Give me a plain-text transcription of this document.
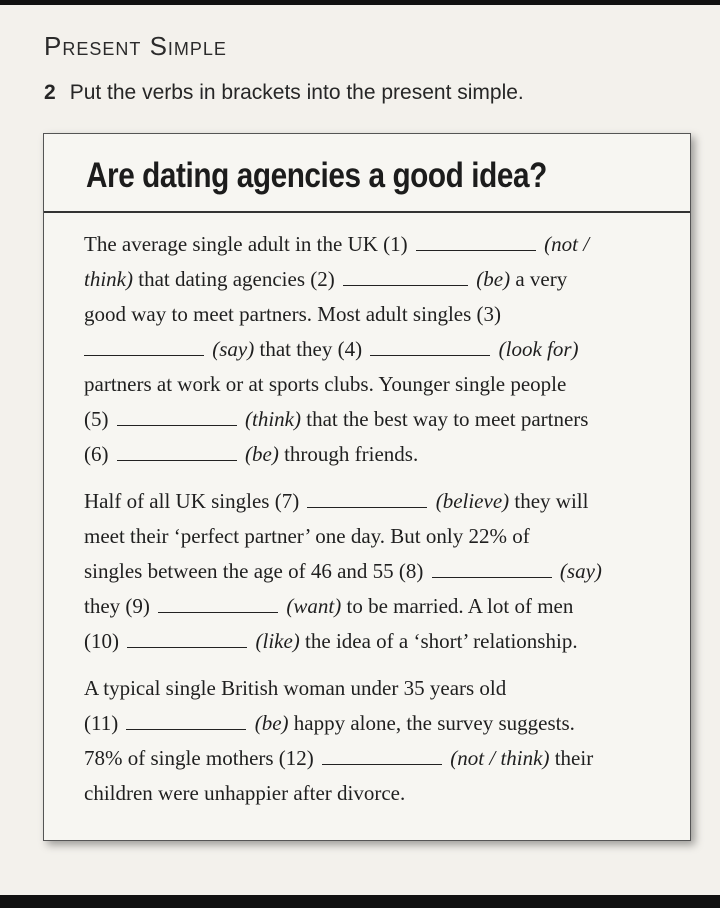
Present Simple
2 Put the verbs in brackets into the present simple.
Are dating agencies a good idea?
The average single adult in the UK (1)	(not /
think) that dating agencies (2)	(be) a very
good way to meet partners. Most adult singles (3)
(say) that they (4)	(look for)
partners at work or at sports clubs. Younger single people
(5)	(think) that the best way to meet partners
(6)	(be) through friends.
Half of all UK singles (7)	(believe) they will
meet their ‘perfect partner’ one day. But only 22% of
singles between the age of 46 and 55 (8)	(say)
they (9)	(want) to be married. A lot of men
(10)	(like) the idea of a ‘short’ relationship.
A typical single British woman under 35 years old
(11)	(be) happy alone, the survey suggests.
78% of single mothers (12)	(not / think) their
children were unhappier after divorce.
